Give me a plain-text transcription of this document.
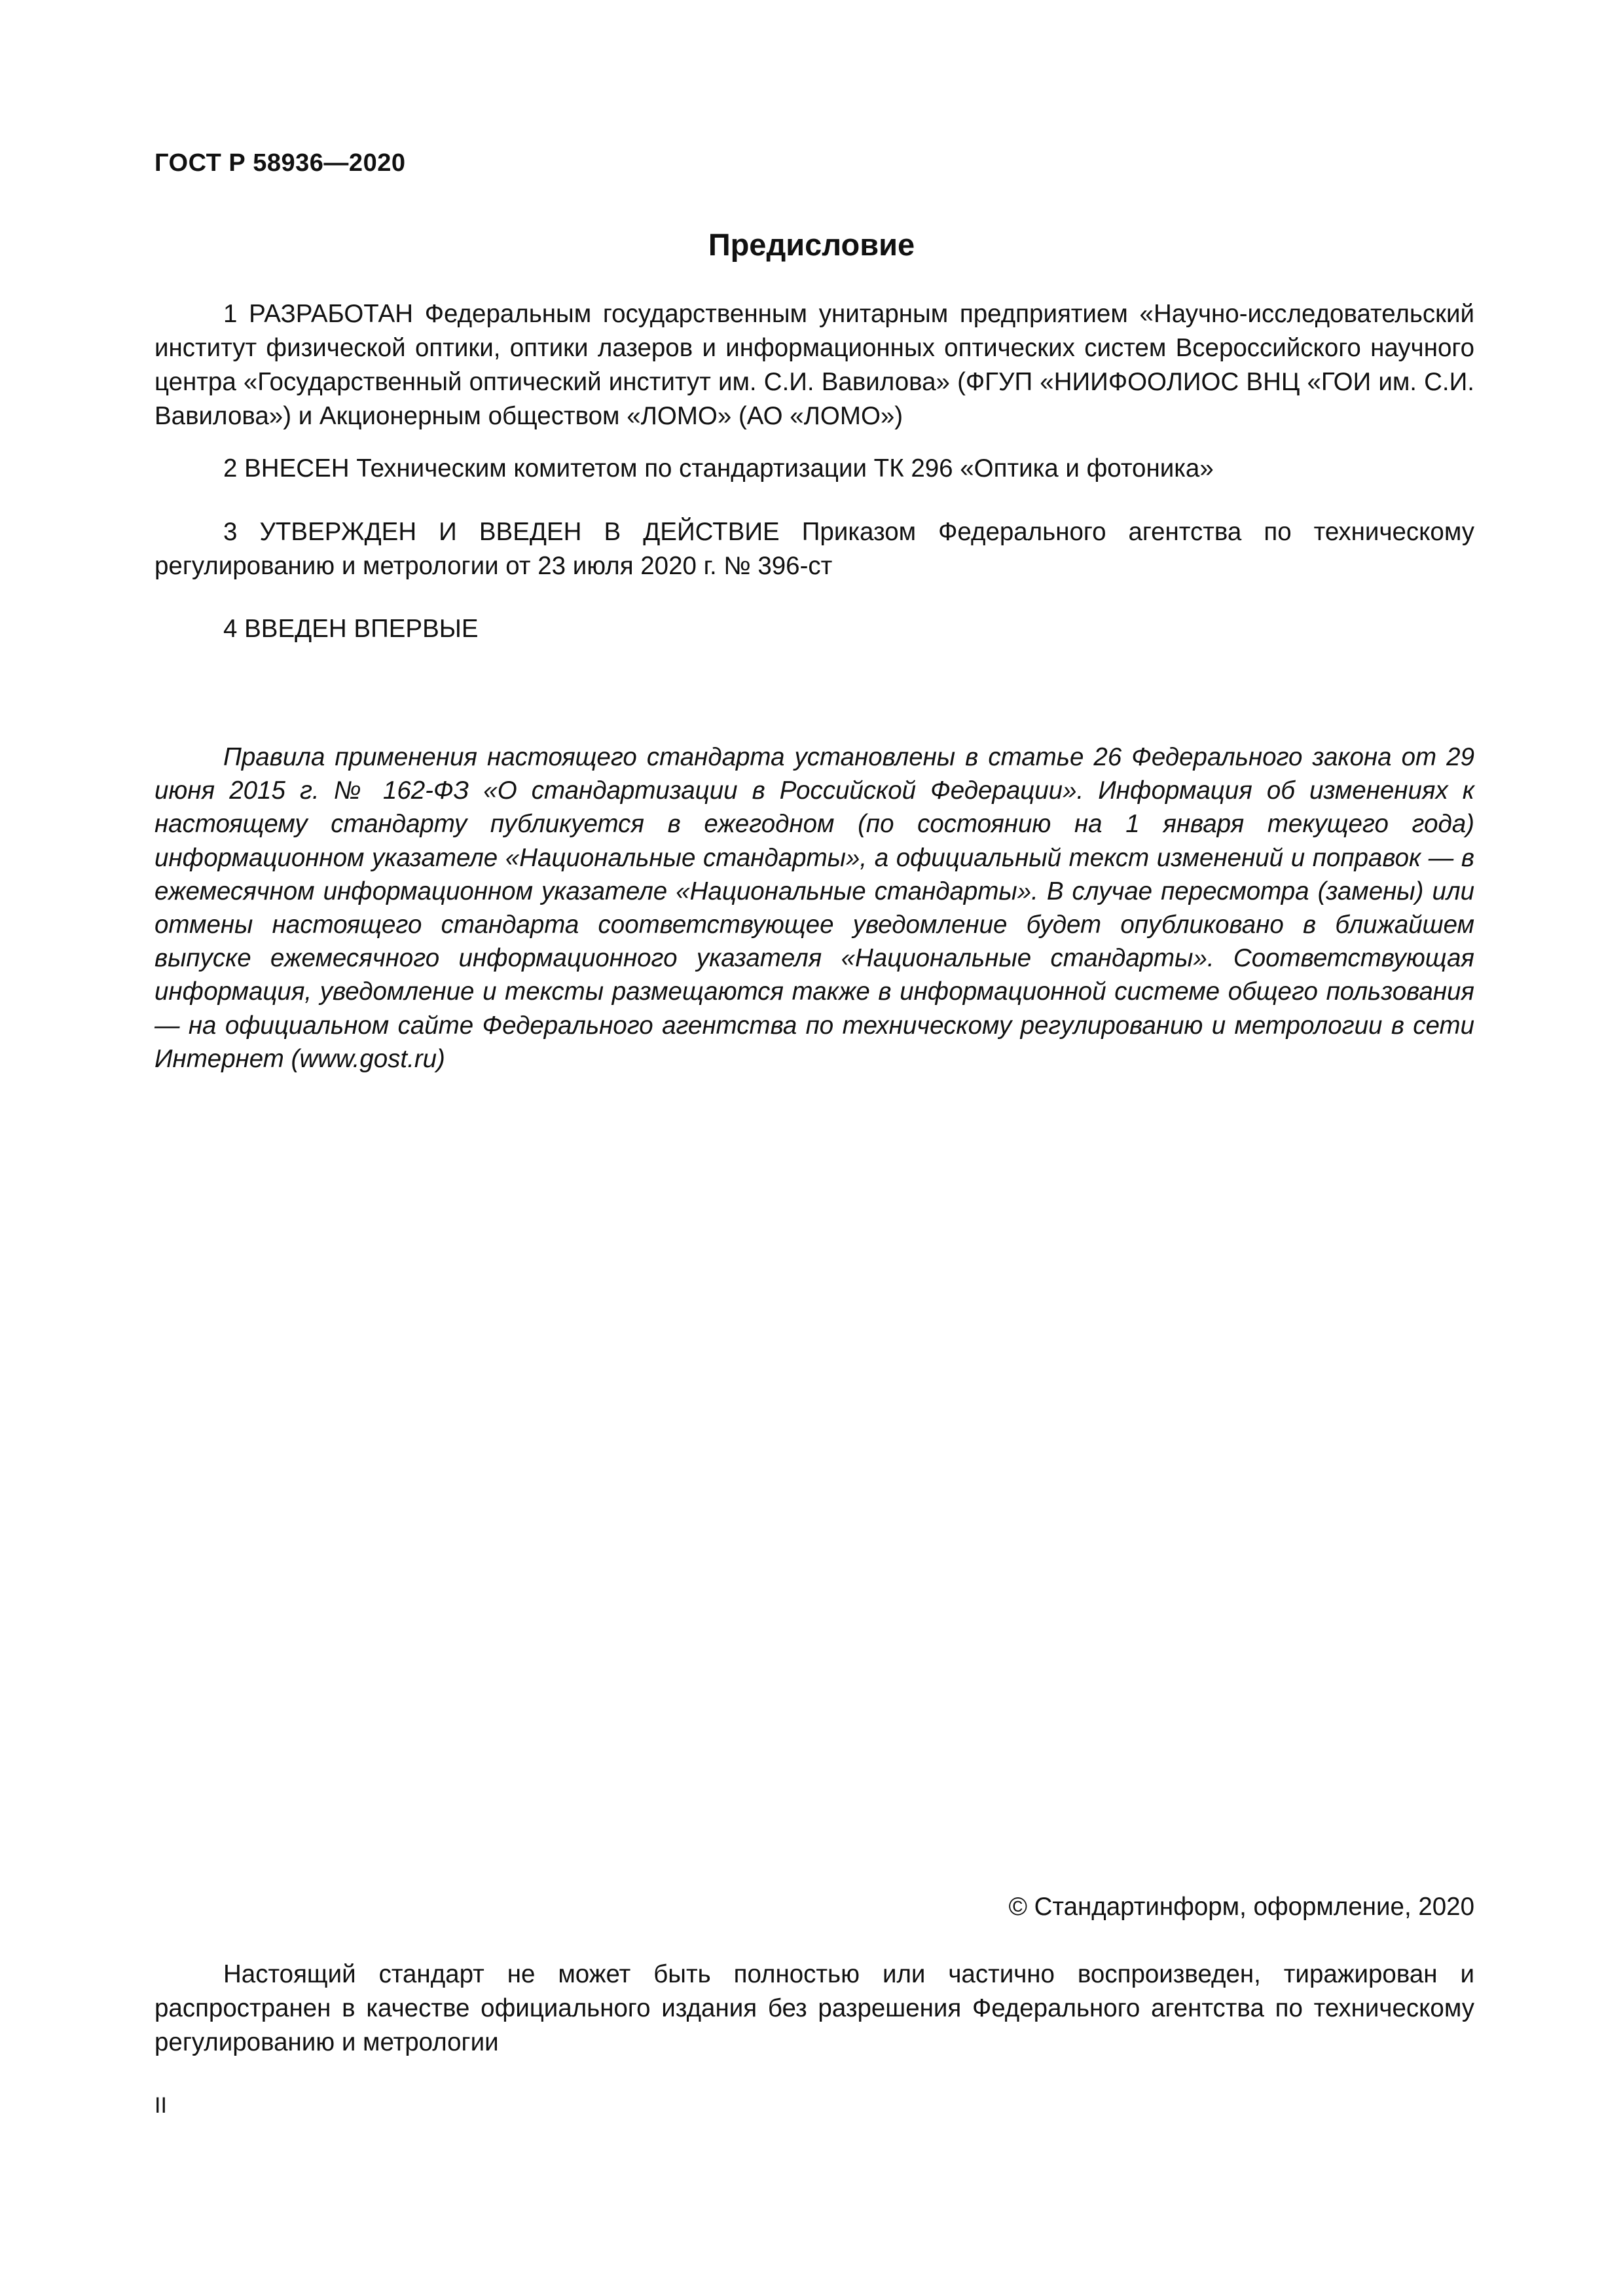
ГОСТ Р 58936—2020
Предисловие

1 РАЗРАБОТАН Федеральным государственным унитарным предприятием «Научно-исследовательский институт физической оптики, оптики лазеров и информационных оптических систем Всероссийского научного центра «Государственный оптический институт им. С.И. Вавилова» (ФГУП «НИИФООЛИОС ВНЦ «ГОИ им. С.И. Вавилова») и Акционерным обществом «ЛОМО» (АО «ЛОМО»)

2 ВНЕСЕН Техническим комитетом по стандартизации ТК 296 «Оптика и фотоника»

3 УТВЕРЖДЕН И ВВЕДЕН В ДЕЙСТВИЕ Приказом Федерального агентства по техническому регулированию и метрологии от 23 июля 2020 г. № 396-ст

4 ВВЕДЕН ВПЕРВЫЕ

Правила применения настоящего стандарта установлены в статье 26 Федерального закона от 29 июня 2015 г. № 162-ФЗ «О стандартизации в Российской Федерации». Информация об изменениях к настоящему стандарту публикуется в ежегодном (по состоянию на 1 января текущего года) информационном указателе «Национальные стандарты», а официальный текст изменений и поправок — в ежемесячном информационном указателе «Национальные стандарты». В случае пересмотра (замены) или отмены настоящего стандарта соответствующее уведомление будет опубликовано в ближайшем выпуске ежемесячного информационного указателя «Национальные стандарты». Соответствующая информация, уведомление и тексты размещаются также в информационной системе общего пользования — на официальном сайте Федерального агентства по техническому регулированию и метрологии в сети Интернет (www.gost.ru)

© Стандартинформ, оформление, 2020

Настоящий стандарт не может быть полностью или частично воспроизведен, тиражирован и распространен в качестве официального издания без разрешения Федерального агентства по техническому регулированию и метрологии

II
